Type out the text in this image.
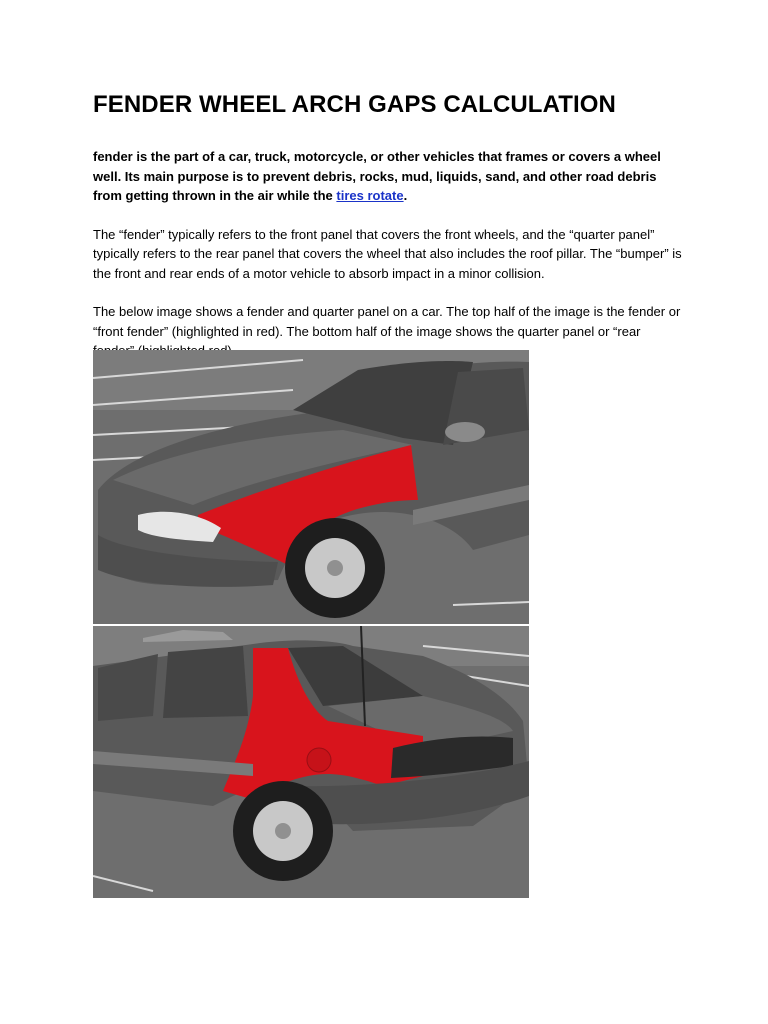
FENDER WHEEL ARCH GAPS CALCULATION

fender is the part of a car, truck, motorcycle, or other vehicles that frames or covers a wheel well. Its main purpose is to prevent debris, rocks, mud, liquids, sand, and other road debris from getting thrown in the air while the tires rotate.

The “fender” typically refers to the front panel that covers the front wheels, and the “quarter panel” typically refers to the rear panel that covers the wheel that also includes the roof pillar. The “bumper” is the front and rear ends of a motor vehicle to absorb impact in a minor collision.

The below image shows a fender and quarter panel on a car. The top half of the image is the fender or “front fender” (highlighted in red). The bottom half of the image shows the quarter panel or “rear
